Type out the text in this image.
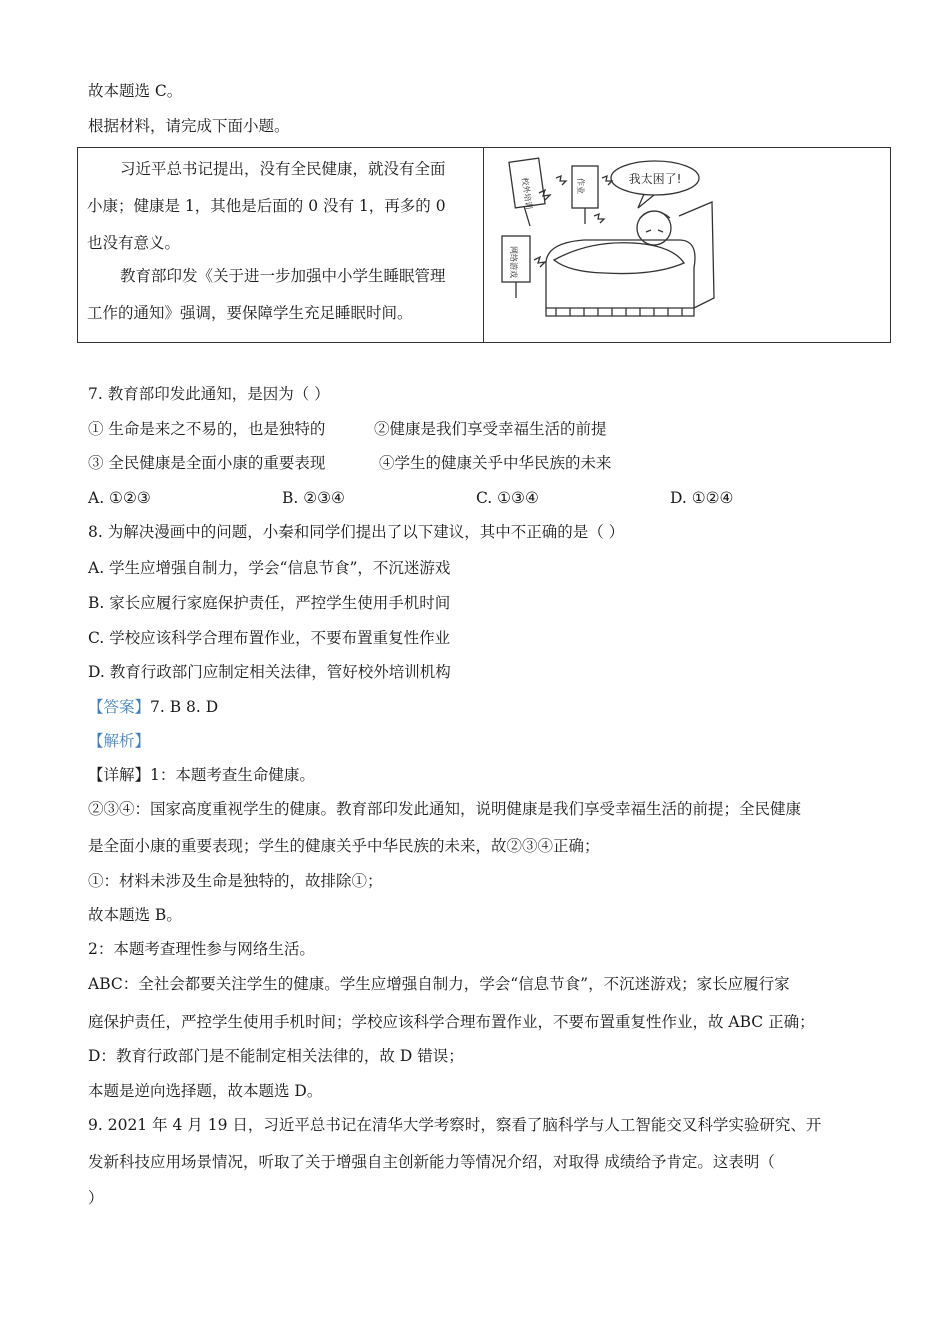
故本题选 C。
根据材料，请完成下面小题。
习近平总书记提出，没有全民健康，就没有全面
小康；健康是 1，其他是后面的 0 没有 1，再多的 0
也没有意义。
教育部印发《关于进一步加强中小学生睡眠管理
工作的通知》强调，要保障学生充足睡眠时间。
我太困了!
校外培训	作业
网络游戏
7. 教育部印发此通知，是因为（ ）
① 生命是来之不易的，也是独特的	②健康是我们享受幸福生活的前提
③ 全民健康是全面小康的重要表现	④学生的健康关乎中华民族的未来
A. ①②③	B. ②③④	C. ①③④	D. ①②④
8. 为解决漫画中的问题，小秦和同学们提出了以下建议，其中不正确的是（ ）
A. 学生应增强自制力，学会“信息节食”，不沉迷游戏
B. 家长应履行家庭保护责任，严控学生使用手机时间
C. 学校应该科学合理布置作业，不要布置重复性作业
D. 教育行政部门应制定相关法律，管好校外培训机构
【答案】7. B 8. D
【解析】
【详解】1：本题考查生命健康。
②③④：国家高度重视学生的健康。教育部印发此通知，说明健康是我们享受幸福生活的前提；全民健康
是全面小康的重要表现；学生的健康关乎中华民族的未来，故②③④正确；
①：材料未涉及生命是独特的，故排除①；
故本题选 B。
2：本题考查理性参与网络生活。
ABC：全社会都要关注学生的健康。学生应增强自制力，学会“信息节食”，不沉迷游戏；家长应履行家
庭保护责任，严控学生使用手机时间；学校应该科学合理布置作业，不要布置重复性作业，故 ABC 正确；
D：教育行政部门是不能制定相关法律的，故 D 错误；
本题是逆向选择题，故本题选 D。
9. 2021 年 4 月 19 日，习近平总书记在清华大学考察时，察看了脑科学与人工智能交叉科学实验研究、开
发新科技应用场景情况，听取了关于增强自主创新能力等情况介绍，对取得 成绩给予肯定。这表明（
）
